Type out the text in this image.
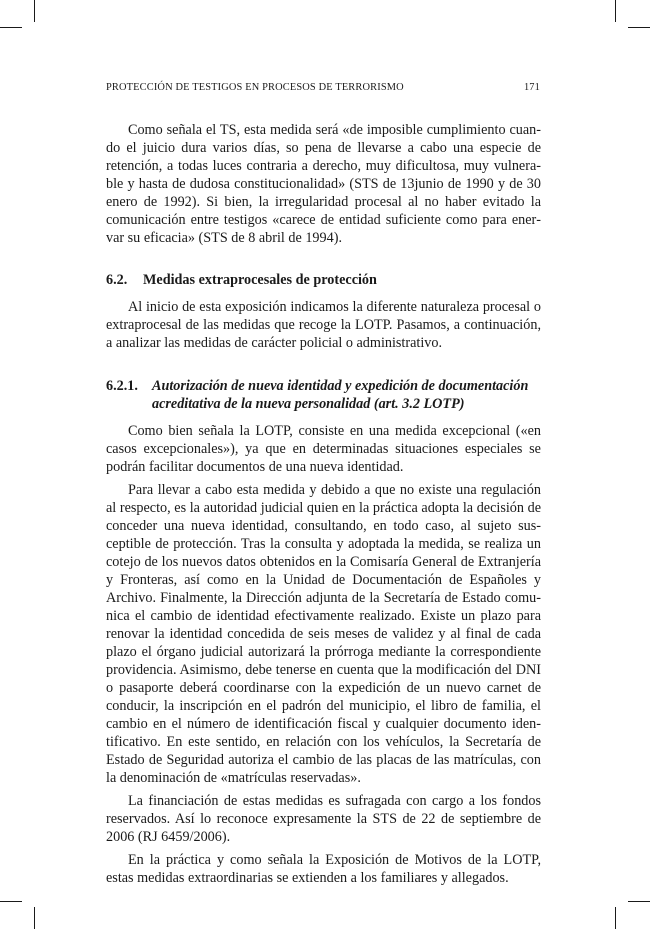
PROTECCIÓN DE TESTIGOS EN PROCESOS DE TERRORISMO	171

Como señala el TS, esta medida será «de imposible cumplimiento cuando el juicio dura varios días, so pena de llevarse a cabo una especie de retención, a todas luces contraria a derecho, muy dificultosa, muy vulnerable y hasta de dudosa constitucionalidad» (STS de 13junio de 1990 y de 30 enero de 1992). Si bien, la irregularidad procesal al no haber evitado la comunicación entre testigos «carece de entidad suficiente como para enervar su eficacia» (STS de 8 abril de 1994).

6.2.	Medidas extraprocesales de protección

Al inicio de esta exposición indicamos la diferente naturaleza procesal o extraprocesal de las medidas que recoge la LOTP. Pasamos, a continuación, a analizar las medidas de carácter policial o administrativo.

6.2.1. Autorización de nueva identidad y expedición de documentación acreditativa de la nueva personalidad (art. 3.2 LOTP)

Como bien señala la LOTP, consiste en una medida excepcional («en casos excepcionales»), ya que en determinadas situaciones especiales se podrán facilitar documentos de una nueva identidad.

Para llevar a cabo esta medida y debido a que no existe una regulación al respecto, es la autoridad judicial quien en la práctica adopta la decisión de conceder una nueva identidad, consultando, en todo caso, al sujeto susceptible de protección. Tras la consulta y adoptada la medida, se realiza un cotejo de los nuevos datos obtenidos en la Comisaría General de Extranjería y Fronteras, así como en la Unidad de Documentación de Españoles y Archivo. Finalmente, la Dirección adjunta de la Secretaría de Estado comunica el cambio de identidad efectivamente realizado. Existe un plazo para renovar la identidad concedida de seis meses de validez y al final de cada plazo el órgano judicial autorizará la prórroga mediante la correspondiente providencia. Asimismo, debe tenerse en cuenta que la modificación del DNI o pasaporte deberá coordinarse con la expedición de un nuevo carnet de conducir, la inscripción en el padrón del municipio, el libro de familia, el cambio en el número de identificación fiscal y cualquier documento identificativo. En este sentido, en relación con los vehículos, la Secretaría de Estado de Seguridad autoriza el cambio de las placas de las matrículas, con la denominación de «matrículas reservadas».

La financiación de estas medidas es sufragada con cargo a los fondos reservados. Así lo reconoce expresamente la STS de 22 de septiembre de 2006 (RJ 6459/2006).

En la práctica y como señala la Exposición de Motivos de la LOTP, estas medidas extraordinarias se extienden a los familiares y allegados.
